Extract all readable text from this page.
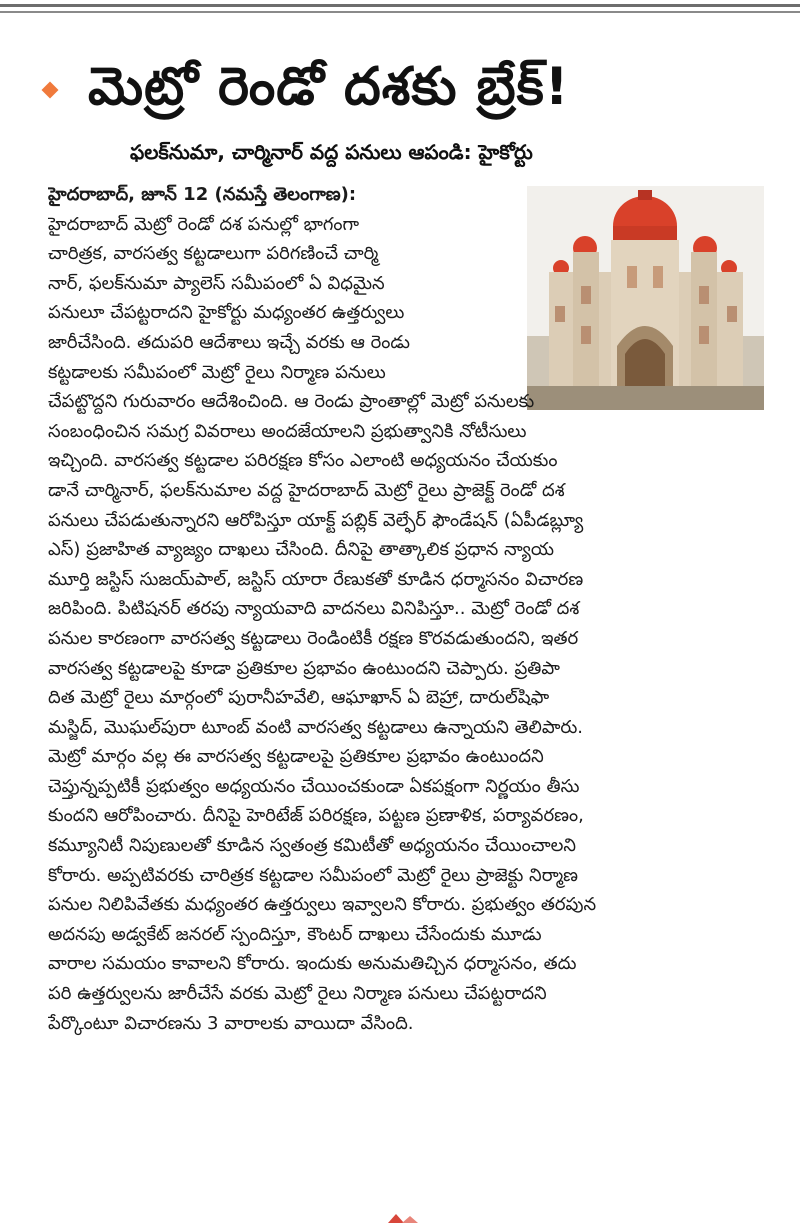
మెట్రో రెండో దశకు బ్రేక్!
ఫలక్‌నుమా, చార్మినార్ వద్ద పనులు ఆపండి: హైకోర్టు
హైదరాబాద్, జూన్ 12 (నమస్తే తెలంగాణ):
హైదరాబాద్ మెట్రో రెండో దశ పనుల్లో భాగంగా
చారిత్రక, వారసత్వ కట్టడాలుగా పరిగణించే చార్మి
నార్, ఫలక్‌నుమా ప్యాలెస్ సమీపంలో ఏ విధమైన
పనులూ చేపట్టరాదని హైకోర్టు మధ్యంతర ఉత్తర్వులు
జారీచేసింది. తదుపరి ఆదేశాలు ఇచ్చే వరకు ఆ రెండు
కట్టడాలకు సమీపంలో మెట్రో రైలు నిర్మాణ పనులు
చేపట్టొద్దని గురువారం ఆదేశించింది. ఆ రెండు ప్రాంతాల్లో మెట్రో పనులకు
సంబంధించిన సమగ్ర వివరాలు అందజేయాలని ప్రభుత్వానికి నోటీసులు
ఇచ్చింది. వారసత్వ కట్టడాల పరిరక్షణ కోసం ఎలాంటి అధ్యయనం చేయకుం
డానే చార్మినార్, ఫలక్‌నుమాల వద్ద హైదరాబాద్ మెట్రో రైలు ప్రాజెక్ట్ రెండో దశ
పనులు చేపడుతున్నారని ఆరోపిస్తూ యాక్ట్ పబ్లిక్ వెల్ఫేర్ ఫౌండేషన్ (ఏపీడబ్ల్యూ
ఎస్) ప్రజాహిత వ్యాజ్యం దాఖలు చేసింది. దీనిపై తాత్కాలిక ప్రధాన న్యాయ
మూర్తి జస్టిస్ సుజయ్‌పాల్, జస్టిస్ యారా రేణుకతో కూడిన ధర్మాసనం విచారణ
జరిపింది. పిటిషనర్ తరపు న్యాయవాది వాదనలు వినిపిస్తూ.. మెట్రో రెండో దశ
పనుల కారణంగా వారసత్వ కట్టడాలు రెండింటికీ రక్షణ కొరవడుతుందని, ఇతర
వారసత్వ కట్టడాలపై కూడా ప్రతికూల ప్రభావం ఉంటుందని చెప్పారు. ప్రతిపా
దిత మెట్రో రైలు మార్గంలో పురానీహవేలి, ఆఘాఖాన్ ఏ బెహ్రా, దారుల్‌షిఫా
మస్జిద్, మొఘల్‌పురా టూంబ్ వంటి వారసత్వ కట్టడాలు ఉన్నాయని తెలిపారు.
మెట్రో మార్గం వల్ల ఈ వారసత్వ కట్టడాలపై ప్రతికూల ప్రభావం ఉంటుందని
చెప్తున్నప్పటికీ ప్రభుత్వం అధ్యయనం చేయించకుండా ఏకపక్షంగా నిర్ణయం తీసు
కుందని ఆరోపించారు. దీనిపై హెరిటేజ్ పరిరక్షణ, పట్టణ ప్రణాళిక, పర్యావరణం,
కమ్యూనిటీ నిపుణులతో కూడిన స్వతంత్ర కమిటీతో అధ్యయనం చేయించాలని
కోరారు. అప్పటివరకు చారిత్రక కట్టడాల సమీపంలో మెట్రో రైలు ప్రాజెక్టు నిర్మాణ
పనుల నిలిపివేతకు మధ్యంతర ఉత్తర్వులు ఇవ్వాలని కోరారు. ప్రభుత్వం తరపున
అదనపు అడ్వకేట్ జనరల్ స్పందిస్తూ, కౌంటర్ దాఖలు చేసేందుకు మూడు
వారాల సమయం కావాలని కోరారు. ఇందుకు అనుమతిచ్చిన ధర్మాసనం, తదు
పరి ఉత్తర్వులను జారీచేసే వరకు మెట్రో రైలు నిర్మాణ పనులు చేపట్టరాదని
పేర్కొంటూ విచారణను 3 వారాలకు వాయిదా వేసింది.
